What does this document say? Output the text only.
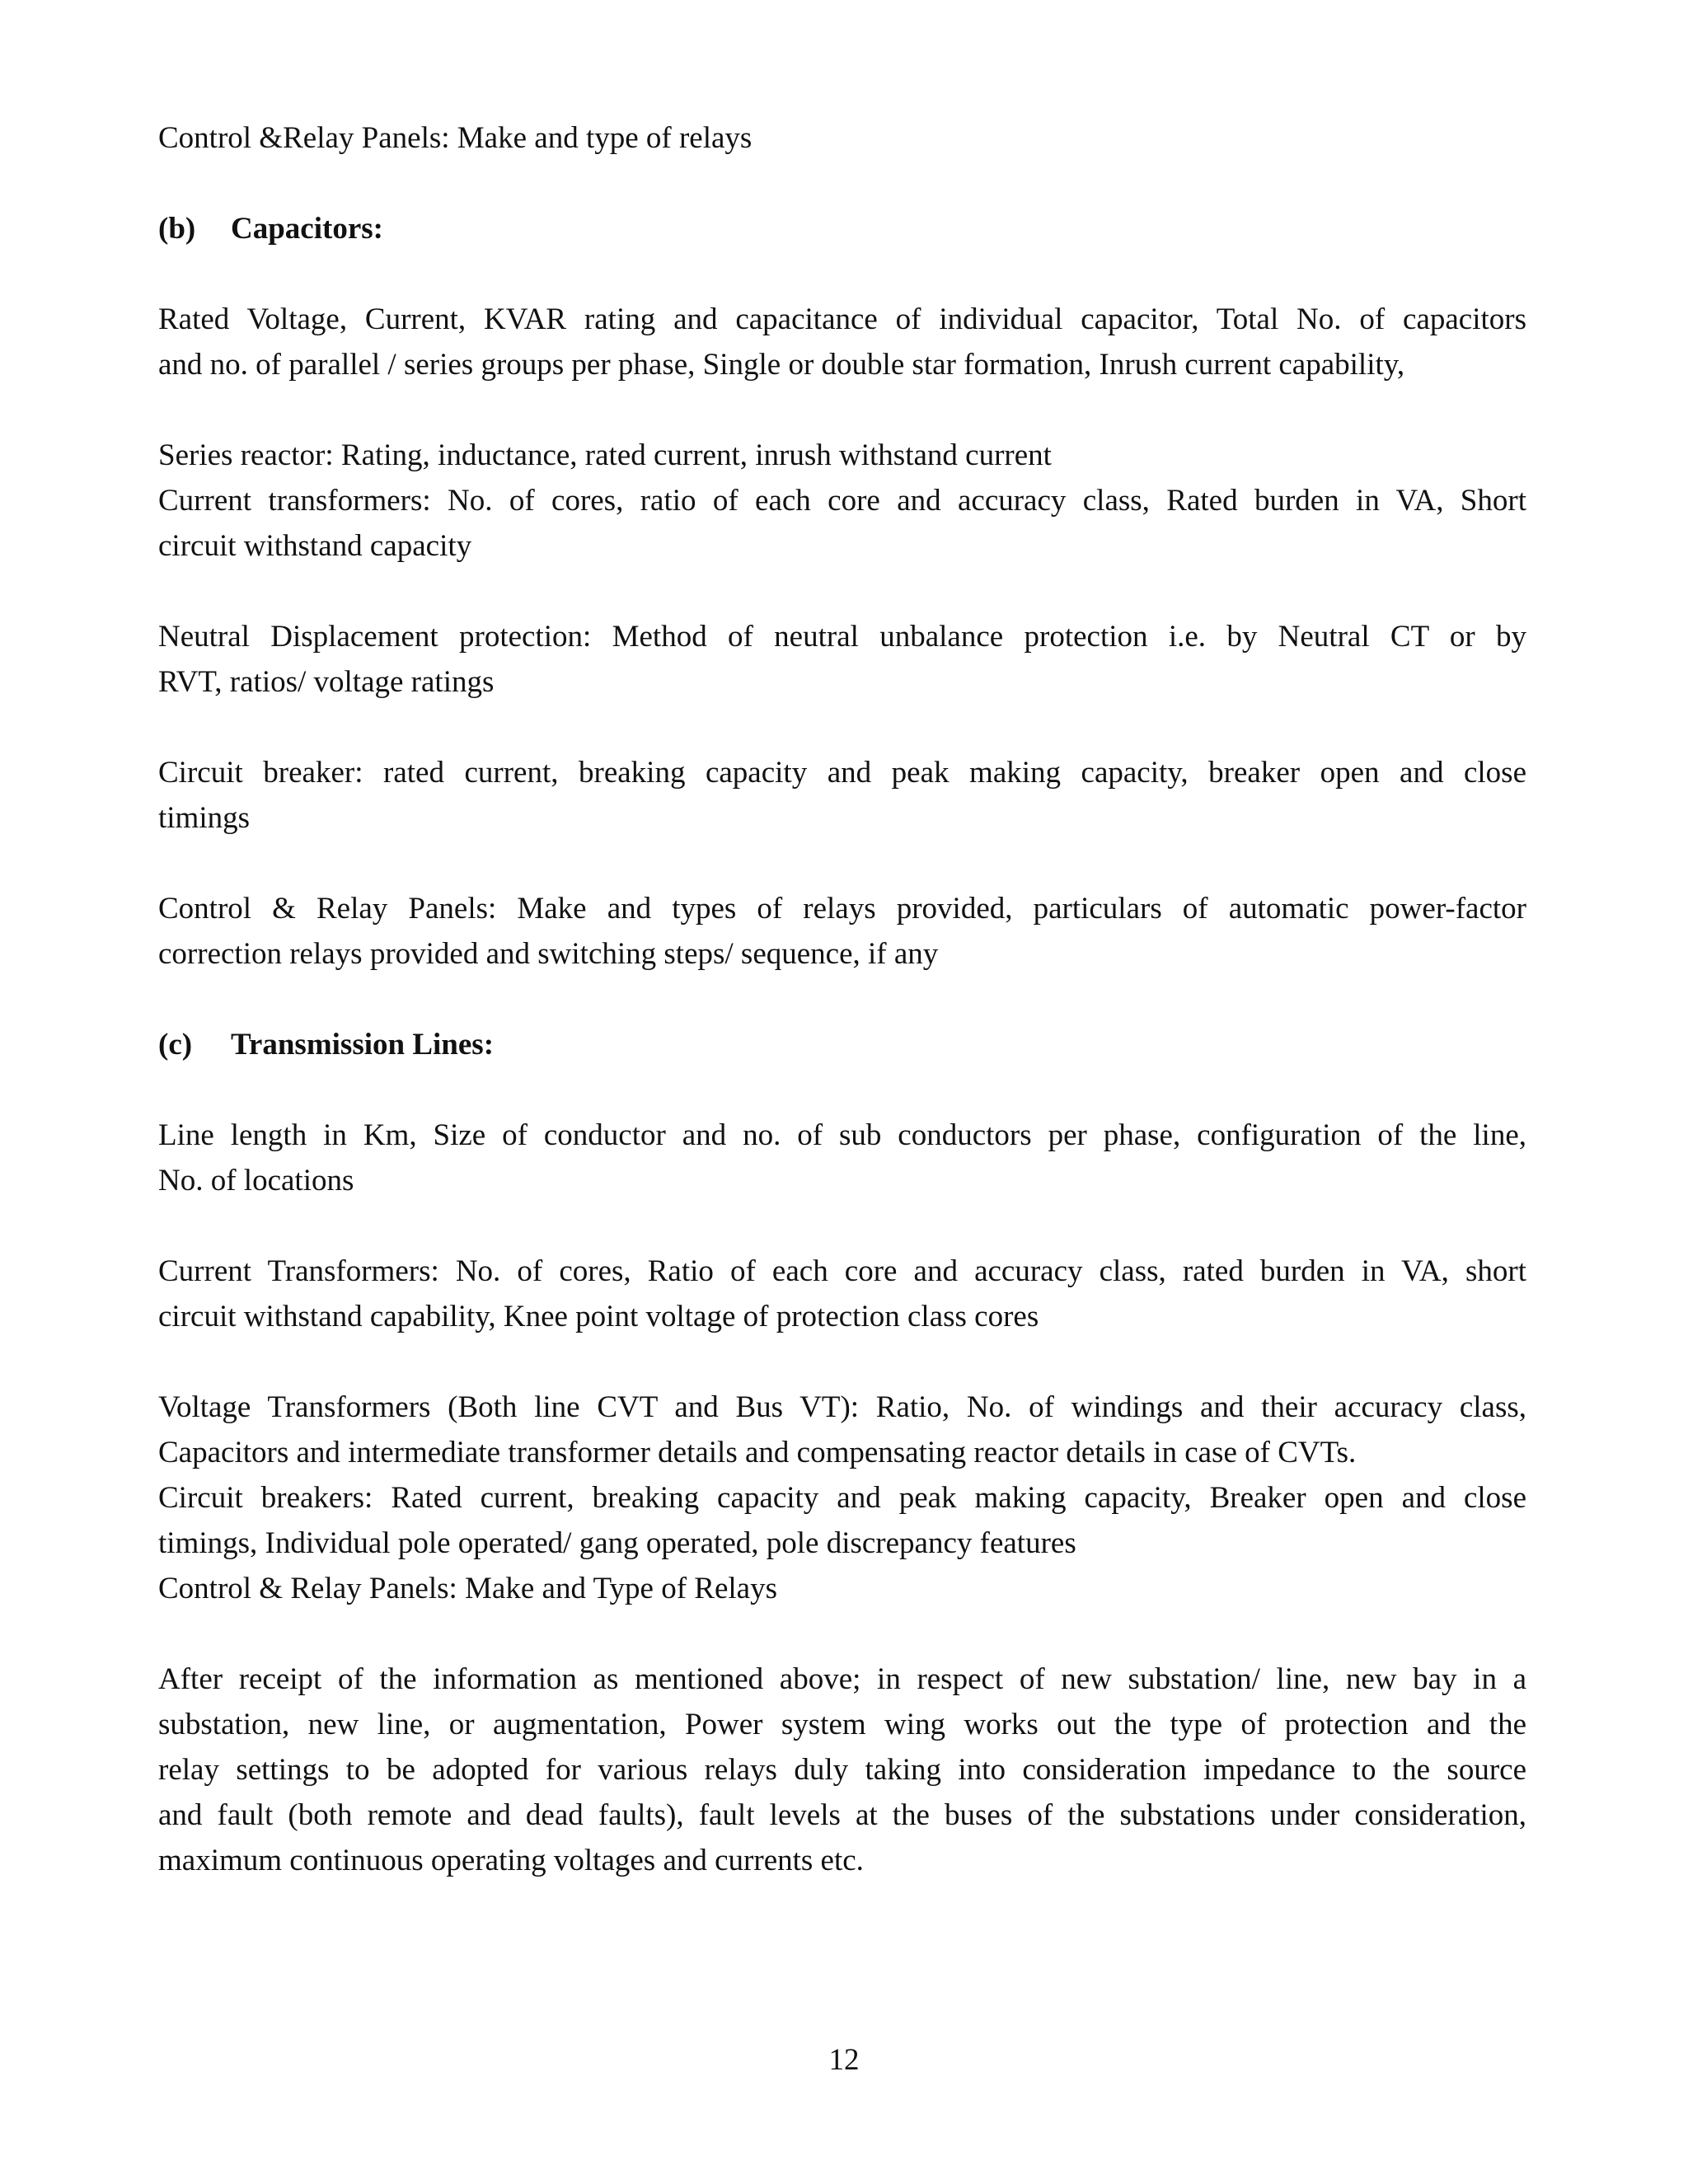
Control &Relay Panels: Make and type of relays

(b) Capacitors:

Rated Voltage, Current, KVAR rating and capacitance of individual capacitor, Total No. of capacitors
and no. of parallel / series groups per phase, Single or double star formation, Inrush current capability,

Series reactor: Rating, inductance, rated current, inrush withstand current
Current transformers: No. of cores, ratio of each core and accuracy class, Rated burden in VA, Short
circuit withstand capacity

Neutral Displacement protection: Method of neutral unbalance protection i.e. by Neutral CT or by
RVT, ratios/ voltage ratings

Circuit breaker: rated current, breaking capacity and peak making capacity, breaker open and close
timings

Control & Relay Panels: Make and types of relays provided, particulars of automatic power-factor
correction relays provided and switching steps/ sequence, if any

(c) Transmission Lines:

Line length in Km, Size of conductor and no. of sub conductors per phase, configuration of the line,
No. of locations

Current Transformers: No. of cores, Ratio of each core and accuracy class, rated burden in VA, short
circuit withstand capability, Knee point voltage of protection class cores

Voltage Transformers (Both line CVT and Bus VT): Ratio, No. of windings and their accuracy class,
Capacitors and intermediate transformer details and compensating reactor details in case of CVTs.
Circuit breakers: Rated current, breaking capacity and peak making capacity, Breaker open and close
timings, Individual pole operated/ gang operated, pole discrepancy features
Control & Relay Panels: Make and Type of Relays

After receipt of the information as mentioned above; in respect of new substation/ line, new bay in a
substation, new line, or augmentation, Power system wing works out the type of protection and the
relay settings to be adopted for various relays duly taking into consideration impedance to the source
and fault (both remote and dead faults), fault levels at the buses of the substations under consideration,
maximum continuous operating voltages and currents etc.

12
